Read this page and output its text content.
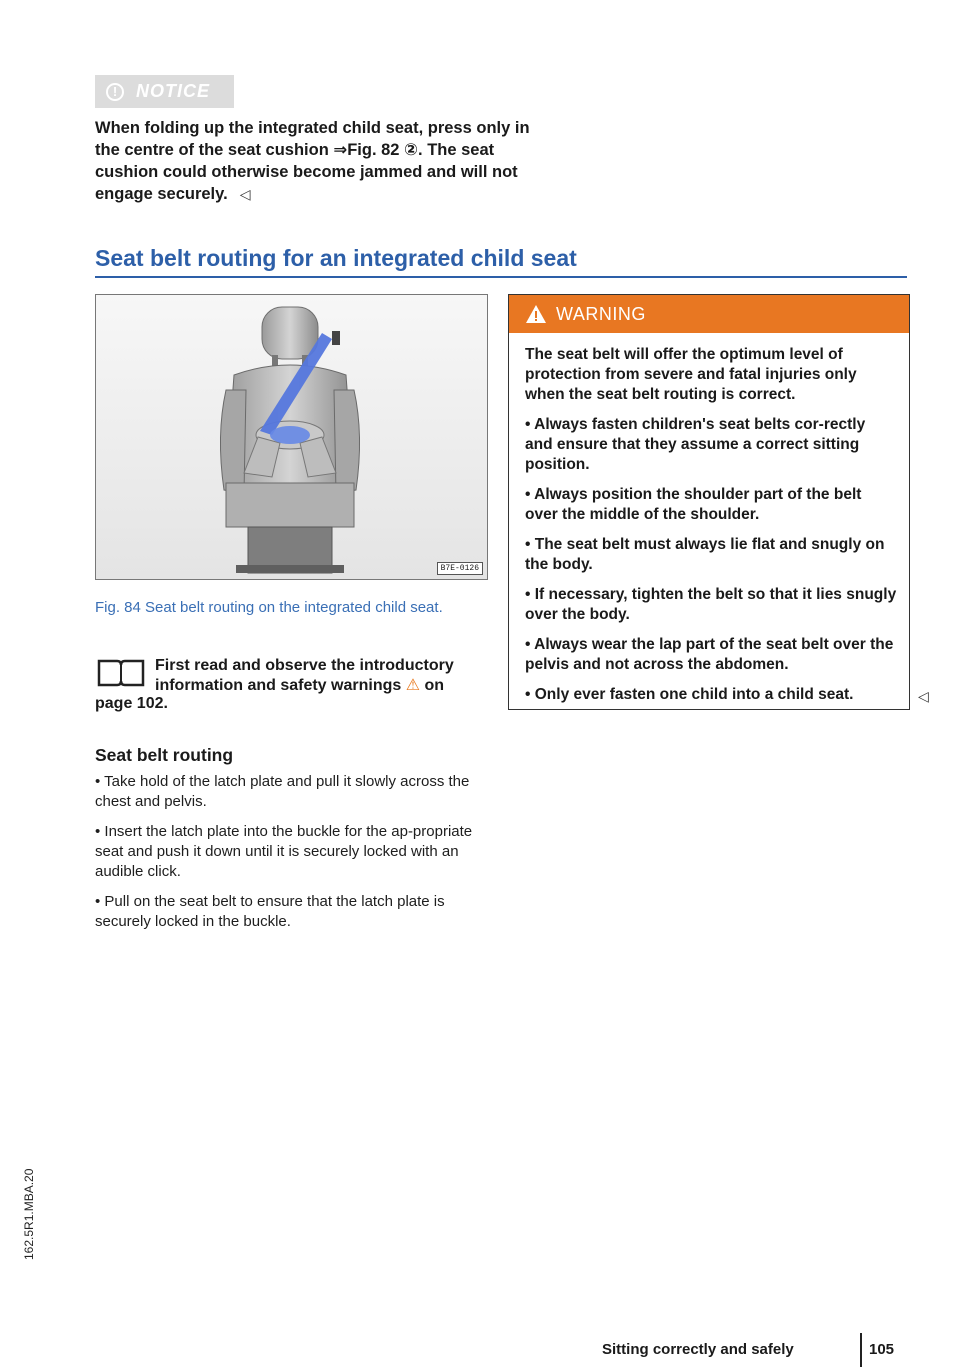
!	NOTICE
When folding up the integrated child seat, press only in the centre of the seat cushion ⇒Fig. 82 ②. The seat cushion could otherwise become jammed and will not engage securely. ◁
Seat belt routing for an integrated child seat
B7E-0126
Fig. 84 Seat belt routing on the integrated child seat.
First read and observe the introductory information and safety warnings ⚠ on
page 102.
Seat belt routing
• Take hold of the latch plate and pull it slowly across the chest and pelvis.
• Insert the latch plate into the buckle for the ap-propriate seat and push it down until it is securely locked with an audible click.
• Pull on the seat belt to ensure that the latch plate is securely locked in the buckle.
WARNING

The seat belt will offer the optimum level of protection from severe and fatal injuries only when the seat belt routing is correct.

• Always fasten children's seat belts cor-rectly and ensure that they assume a correct sitting position.

• Always position the shoulder part of the belt over the middle of the shoulder.

• The seat belt must always lie flat and snugly on the body.

• If necessary, tighten the belt so that it lies snugly over the body.

• Always wear the lap part of the seat belt over the pelvis and not across the abdomen.

• Only ever fasten one child into a child seat.	◁
162.5R1.MBA.20
Sitting correctly and safely	105
